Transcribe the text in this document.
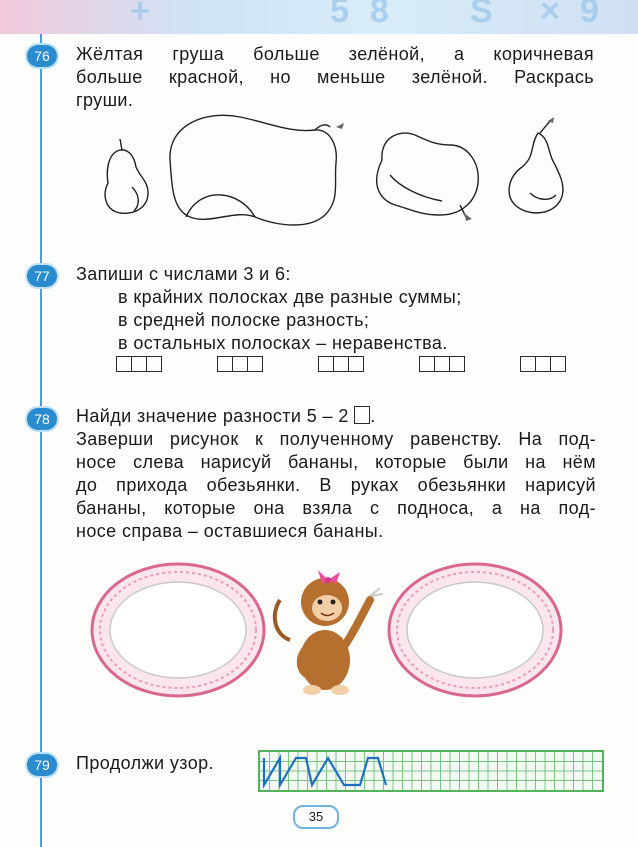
+	5 8 S × 9
76	Жёлтая груша больше зелёной, а коричневая

больше красной, но меньше зелёной. Раскрась

груши.

77	Запиши с числами 3 и 6:

в крайних полосках две разные суммы;

в средней полоске разность;

в остальных полосках – неравенства.

78	Найди значение разности 5 – 2 .

Заверши рисунок к полученному равенству. На под-

носе слева нарисуй бананы, которые были на нём

до прихода обезьянки. В руках обезьянки нарисуй

бананы, которые она взяла с подноса, а на под-

носе справа – оставшиеся бананы.

79	Продолжи узор.
35
